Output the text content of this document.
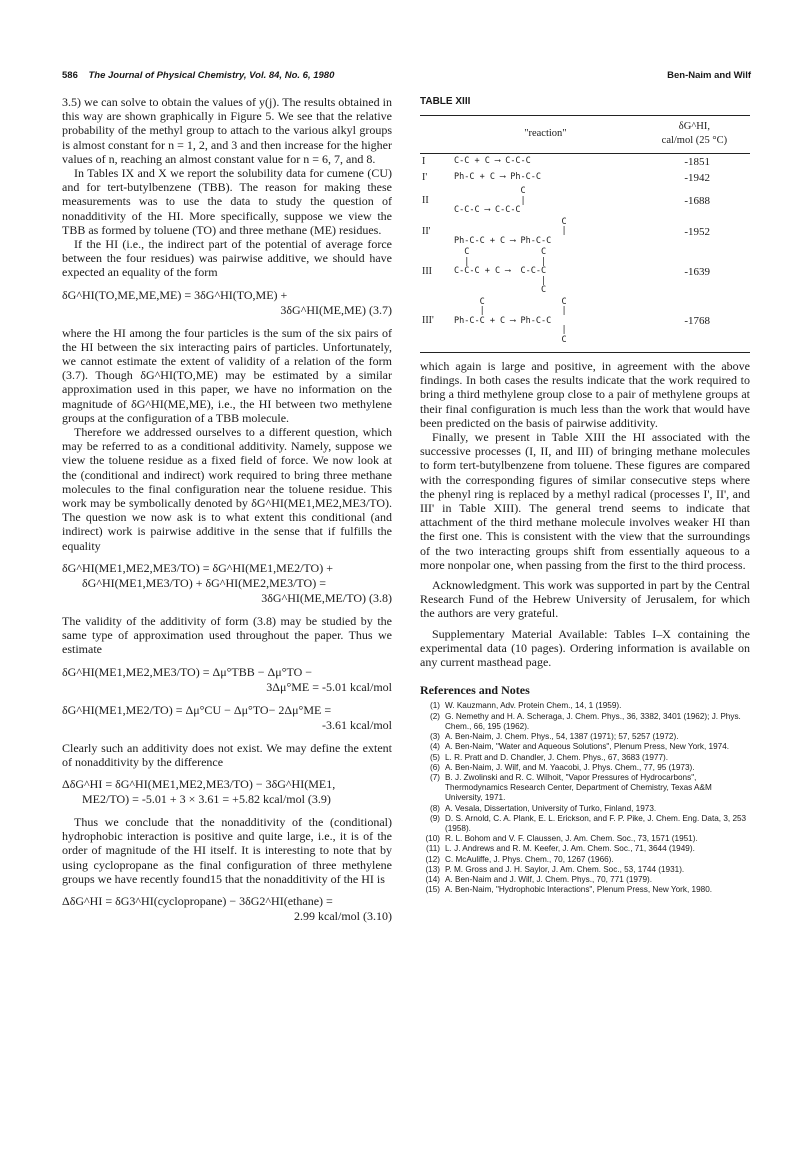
586 The Journal of Physical Chemistry, Vol. 84, No. 6, 1980	Ben-Naim and Wilf

3.5) we can solve to obtain the values of y(j). The results obtained in this way are shown graphically in Figure 5. We see that the relative probability of the methyl group to attach to the various alkyl groups is almost constant for n = 1, 2, and 3 and then increase for the higher values of n, reaching an almost constant value for n = 6, 7, and 8.

In Tables IX and X we report the solubility data for cumene (CU) and for tert-butylbenzene (TBB). The reason for making these measurements was to use the data to study the question of nonadditivity of the HI. More specifically, suppose we view the TBB as formed by toluene (TO) and three methane (ME) residues.

If the HI (i.e., the indirect part of the potential of average force between the four residues) was pairwise additive, we should have expected an equality of the form

δG^HI(TO,ME,ME,ME) = 3δG^HI(TO,ME) +
3δG^HI(ME,ME) (3.7)

where the HI among the four particles is the sum of the six pairs of the HI between the six interacting pairs of particles. Unfortunately, we cannot estimate the extent of validity of a relation of the form (3.7). Though δG^HI(TO,ME) may be estimated by a similar approximation used in this paper, we have no information on the magnitude of δG^HI(ME,ME), i.e., the HI between two methylene groups at the configuration of a TBB molecule.

Therefore we addressed ourselves to a different question, which may be referred to as a conditional additivity. Namely, suppose we view the toluene residue as a fixed field of force. We now look at the (conditional and indirect) work required to bring three methane molecules to the final configuration near the toluene residue. This work may be symbolically denoted by δG^HI(ME1,ME2,ME3/TO). The question we now ask is to what extent this conditional (and indirect) work is pairwise additive in the sense that if fulfills the equality

δG^HI(ME1,ME2,ME3/TO) = δG^HI(ME1,ME2/TO) +
δG^HI(ME1,ME3/TO) + δG^HI(ME2,ME3/TO) =
3δG^HI(ME,ME/TO) (3.8)

The validity of the additivity of form (3.8) may be studied by the same type of approximation used throughout the paper. Thus we estimate

δG^HI(ME1,ME2,ME3/TO) = Δμ°TBB − Δμ°TO −
3Δμ°ME = -5.01 kcal/mol
δG^HI(ME1,ME2/TO) = Δμ°CU − Δμ°TO− 2Δμ°ME =
-3.61 kcal/mol

Clearly such an additivity does not exist. We may define the extent of nonadditivity by the difference

ΔδG^HI = δG^HI(ME1,ME2,ME3/TO) − 3δG^HI(ME1,
ME2/TO) = -5.01 + 3 × 3.61 = +5.82 kcal/mol (3.9)

Thus we conclude that the nonadditivity of the (conditional) hydrophobic interaction is positive and quite large, i.e., it is of the order of magnitude of the HI itself. It is interesting to note that by using cyclopropane as the final configuration of three methylene groups we have recently found15 that the nonadditivity of the HI is

ΔδG^HI = δG3^HI(cyclopropane) − 3δG2^HI(ethane) =
2.99 kcal/mol (3.10)
TABLE XIII
	"reaction"	δG^HI,
cal/mol (25 °C)
I	C-C + C ⟶ C-C-C	-1851
I'	Ph-C + C ⟶ Ph-C-C	-1942
II	C
|
C-C-C ⟶ C-C-C	-1688
II'	C
|
Ph-C-C + C ⟶ Ph-C-C	-1952
III	C              C
|              |
C-C-C + C ⟶  C-C-C
|
C	-1639
III'	C               C
|               |
Ph-C-C + C ⟶ Ph-C-C
|
C	-1768

which again is large and positive, in agreement with the above findings. In both cases the results indicate that the work required to bring a third methylene group close to a pair of methylene groups at their final configuration is much less than the work that would have been predicted on the basis of pairwise additivity.

Finally, we present in Table XIII the HI associated with the successive processes (I, II, and III) of bringing methane molecules to form tert-butylbenzene from toluene. These figures are compared with the corresponding figures of similar consecutive steps where the phenyl ring is replaced by a methyl radical (processes I', II', and III' in Table XIII). The general trend seems to indicate that attachment of the third methane molecule involves weaker HI than the first one. This is consistent with the view that the surroundings of the two interacting groups shift from essentially aqueous to a more nonpolar one, when passing from the first to the third process.

Acknowledgment. This work was supported in part by the Central Research Fund of the Hebrew University of Jerusalem, for which the authors are very grateful.

Supplementary Material Available: Tables I–X containing the experimental data (10 pages). Ordering information is available on any current masthead page.

References and Notes
(1) W. Kauzmann, Adv. Protein Chem., 14, 1 (1959).
(2) G. Nemethy and H. A. Scheraga, J. Chem. Phys., 36, 3382, 3401 (1962); J. Phys. Chem., 66, 195 (1962).
(3) A. Ben-Naim, J. Chem. Phys., 54, 1387 (1971); 57, 5257 (1972).
(4) A. Ben-Naim, "Water and Aqueous Solutions", Plenum Press, New York, 1974.
(5) L. R. Pratt and D. Chandler, J. Chem. Phys., 67, 3683 (1977).
(6) A. Ben-Naim, J. Wilf, and M. Yaacobi, J. Phys. Chem., 77, 95 (1973).
(7) B. J. Zwolinski and R. C. Wilhoit, "Vapor Pressures of Hydrocarbons", Thermodynamics Research Center, Department of Chemistry, Texas A&M University, 1971.
(8) A. Vesala, Dissertation, University of Turko, Finland, 1973.
(9) D. S. Arnold, C. A. Plank, E. L. Erickson, and F. P. Pike, J. Chem. Eng. Data, 3, 253 (1958).
(10) R. L. Bohom and V. F. Claussen, J. Am. Chem. Soc., 73, 1571 (1951).
(11) L. J. Andrews and R. M. Keefer, J. Am. Chem. Soc., 71, 3644 (1949).
(12) C. McAuliffe, J. Phys. Chem., 70, 1267 (1966).
(13) P. M. Gross and J. H. Saylor, J. Am. Chem. Soc., 53, 1744 (1931).
(14) A. Ben-Naim and J. Wilf, J. Chem. Phys., 70, 771 (1979).
(15) A. Ben-Naim, "Hydrophobic Interactions", Plenum Press, New York, 1980.
